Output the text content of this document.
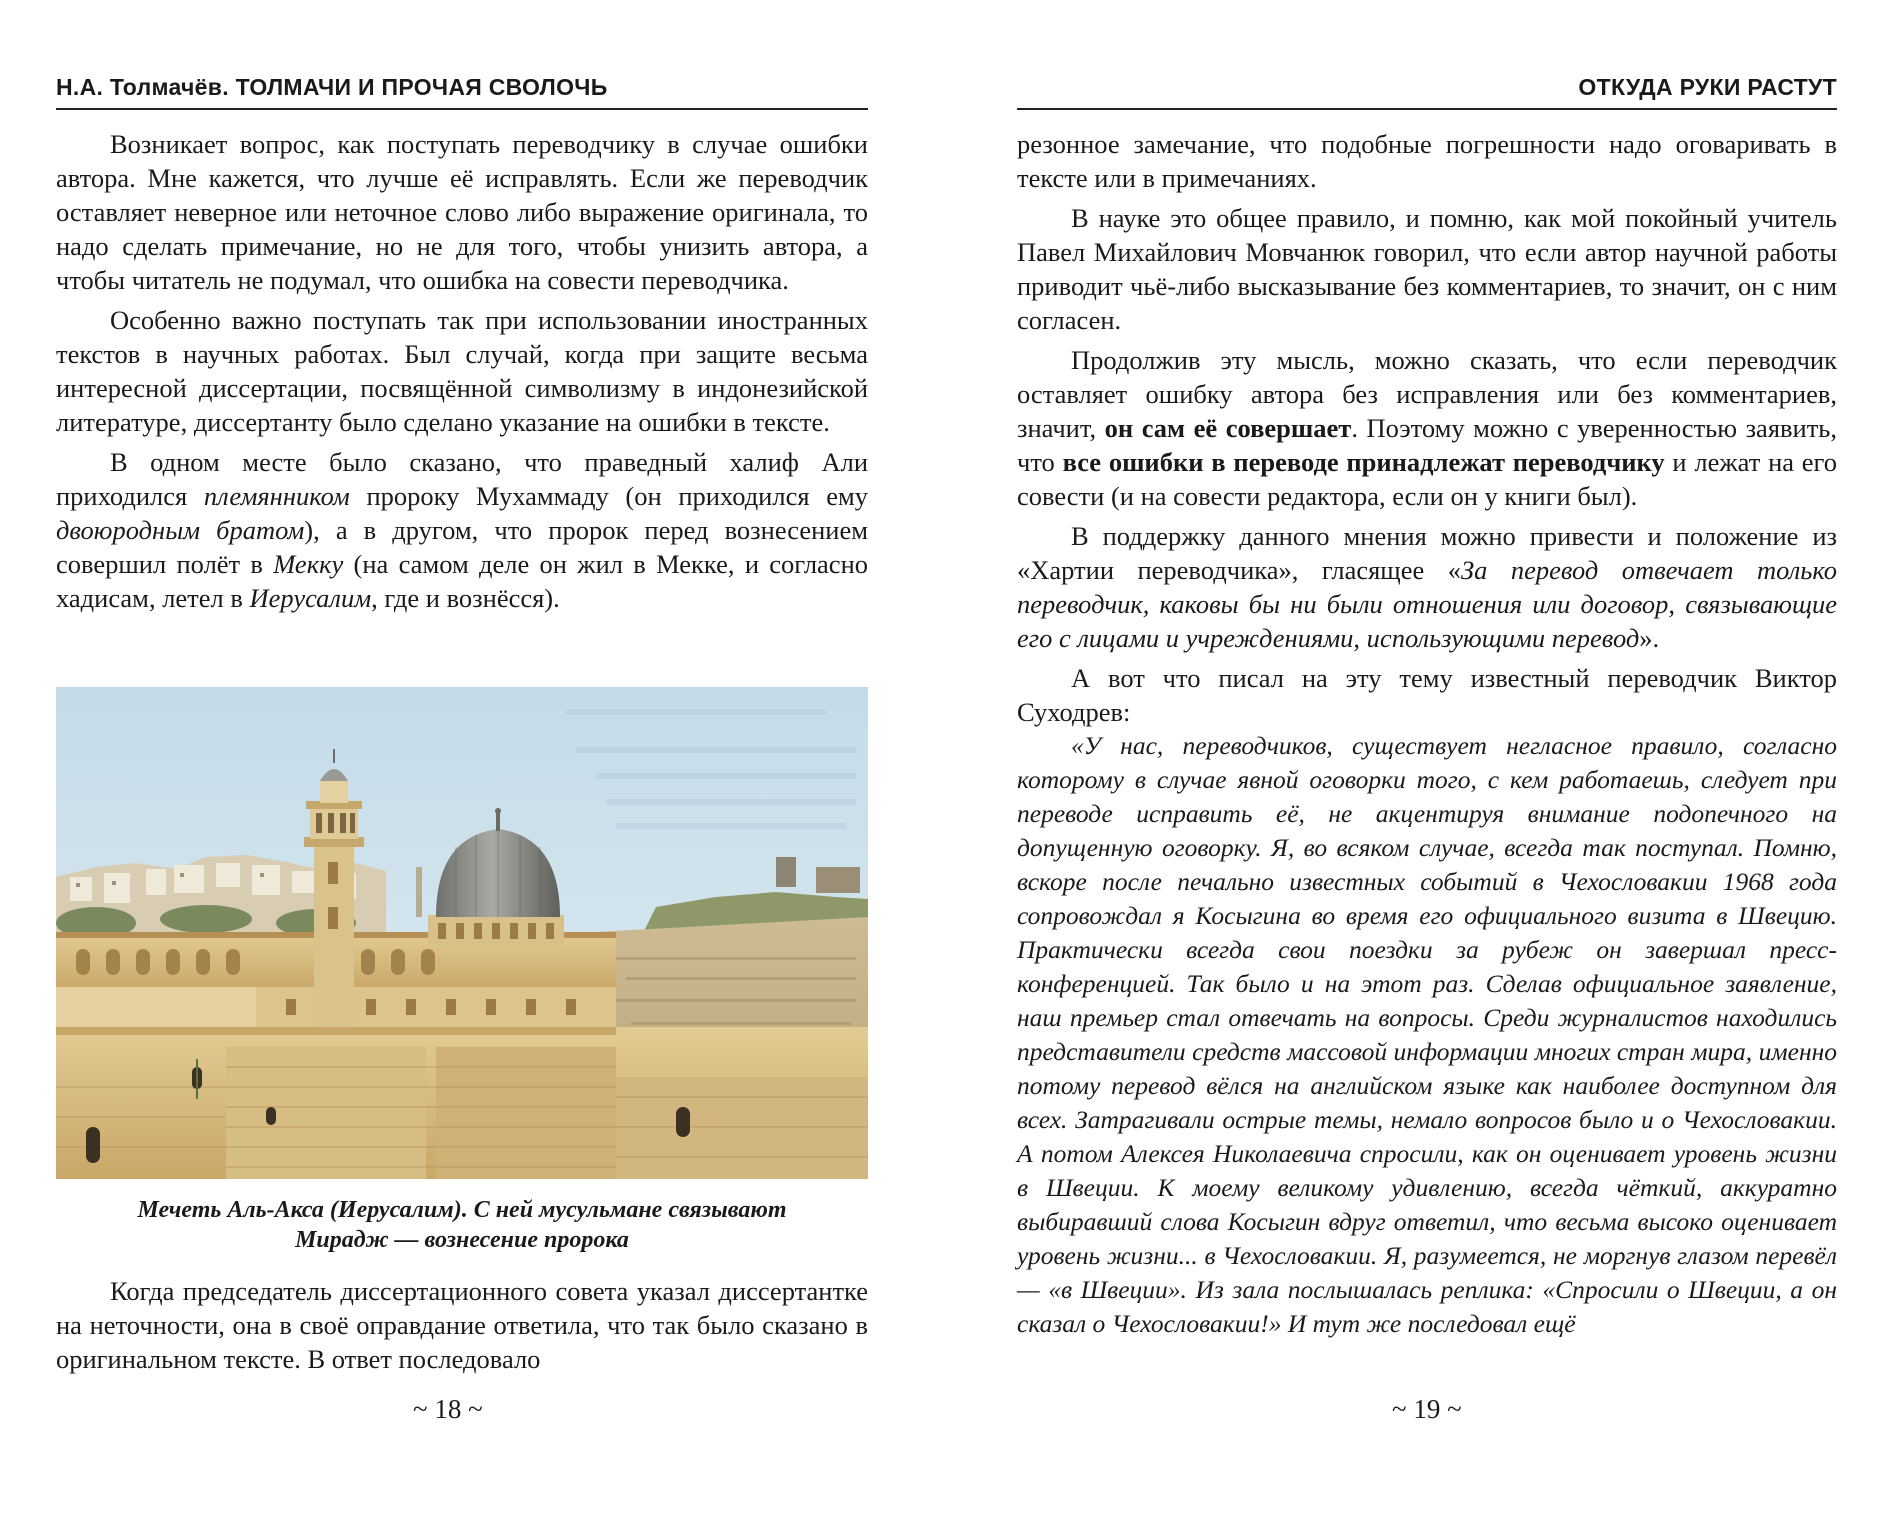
Н.А. Толмачёв. ТОЛМАЧИ И ПРОЧАЯ СВОЛОЧЬ

Возникает вопрос, как поступать переводчику в случае ошибки автора. Мне кажется, что лучше её исправлять. Если же переводчик оставляет неверное или неточное слово либо выражение оригинала, то надо сделать примечание, но не для того, чтобы унизить автора, а чтобы читатель не подумал, что ошибка на совести переводчика.

Особенно важно поступать так при использовании иностранных текстов в научных работах. Был случай, когда при защите весьма интересной диссертации, посвящённой символизму в индонезийской литературе, диссертанту было сделано указание на ошибки в тексте.

В одном месте было сказано, что праведный халиф Али приходился племянником пророку Мухаммаду (он приходился ему двоюродным братом), а в другом, что пророк перед вознесением совершил полёт в Мекку (на самом деле он жил в Мекке, и согласно хадисам, летел в Иерусалим, где и вознёсся).

Мечеть Аль-Акса (Иерусалим). С ней мусульмане связывают
Мирадж — вознесение пророка

Когда председатель диссертационного совета указал диссертантке на неточности, она в своё оправдание ответила, что так было сказано в оригинальном тексте. В ответ последовало

~ 18 ~
ОТКУДА РУКИ РАСТУТ

резонное замечание, что подобные погрешности надо оговаривать в тексте или в примечаниях.

В науке это общее правило, и помню, как мой покойный учитель Павел Михайлович Мовчанюк говорил, что если автор научной работы приводит чьё-либо высказывание без комментариев, то значит, он с ним согласен.

Продолжив эту мысль, можно сказать, что если переводчик оставляет ошибку автора без исправления или без комментариев, значит, он сам её совершает. Поэтому можно с уверенностью заявить, что все ошибки в переводе принадлежат переводчику и лежат на его совести (и на совести редактора, если он у книги был).

В поддержку данного мнения можно привести и положение из «Хартии переводчика», гласящее «За перевод отвечает только переводчик, каковы бы ни были отношения или договор, связывающие его с лицами и учреждениями, использующими перевод».

А вот что писал на эту тему известный переводчик Виктор Суходрев:

«У нас, переводчиков, существует негласное правило, согласно которому в случае явной оговорки того, с кем работаешь, следует при переводе исправить её, не акцентируя внимание подопечного на допущенную оговорку. Я, во всяком случае, всегда так поступал. Помню, вскоре после печально известных событий в Чехословакии 1968 года сопровождал я Косыгина во время его официального визита в Швецию. Практически всегда свои поездки за рубеж он завершал пресс-конференцией. Так было и на этот раз. Сделав официальное заявление, наш премьер стал отвечать на вопросы. Среди журналистов находились представители средств массовой информации многих стран мира, именно потому перевод вёлся на английском языке как наиболее доступном для всех. Затрагивали острые темы, немало вопросов было и о Чехословакии. А потом Алексея Николаевича спросили, как он оценивает уровень жизни в Швеции. К моему великому удивлению, всегда чёткий, аккуратно выбиравший слова Косыгин вдруг ответил, что весьма высоко оценивает уровень жизни... в Чехословакии. Я, разумеется, не моргнув глазом перевёл — «в Швеции». Из зала послышалась реплика: «Спросили о Швеции, а он сказал о Чехословакии!» И тут же последовал ещё

~ 19 ~
